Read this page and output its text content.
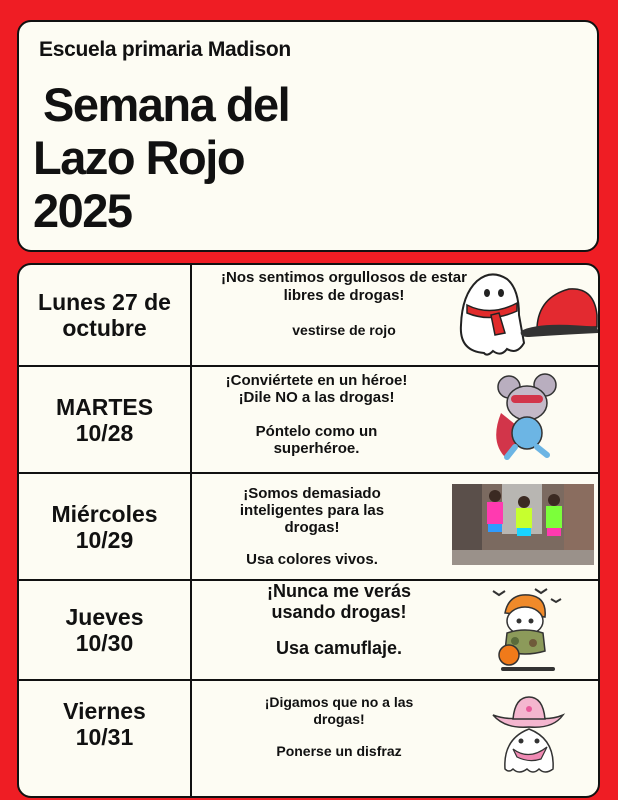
Escuela primaria Madison
Semana del
Lazo Rojo
2025
Lunes 27 de
octubre

¡Nos sentimos orgullosos de estar libres de drogas!

vestirse de rojo

MARTES
10/28

¡Conviértete en un héroe! ¡Dile NO a las drogas!

Póntelo como un superhéroe.

Miércoles
10/29

¡Somos demasiado inteligentes para las drogas!

Usa colores vivos.

Jueves
10/30

¡Nunca me verás usando drogas!

Usa camuflaje.

Viernes
10/31

¡Digamos que no a las drogas!

Ponerse un disfraz
